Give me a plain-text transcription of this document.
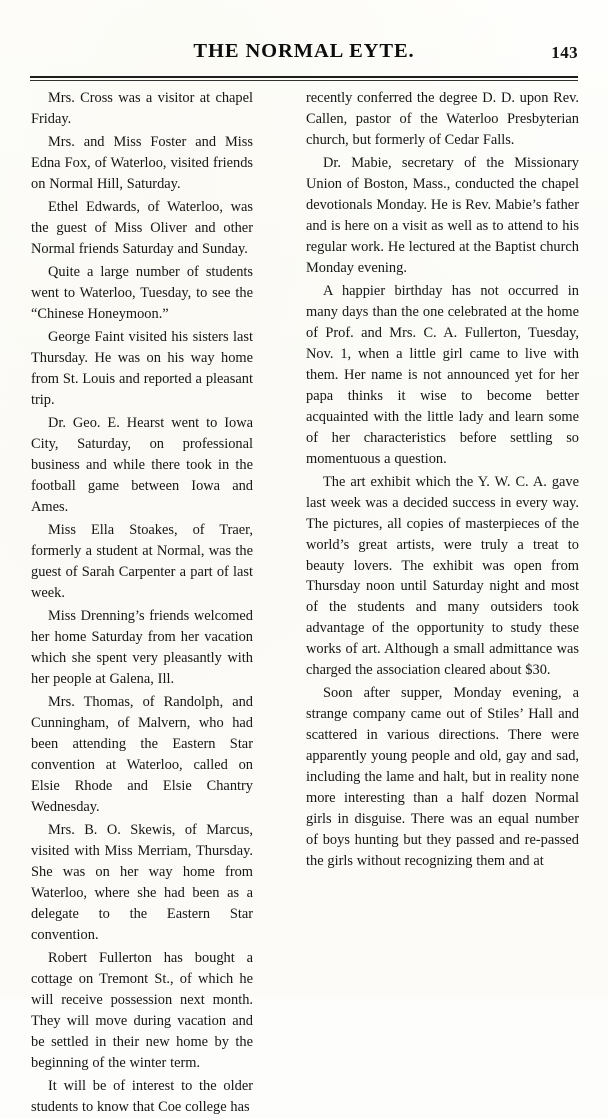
THE NORMAL EYTE.	143

Mrs. Cross was a visitor at chapel Friday.

Mrs. and Miss Foster and Miss Edna Fox, of Waterloo, visited friends on Normal Hill, Saturday.

Ethel Edwards, of Waterloo, was the guest of Miss Oliver and other Normal friends Saturday and Sunday.

Quite a large number of students went to Waterloo, Tuesday, to see the “Chinese Honeymoon.”

George Faint visited his sisters last Thursday. He was on his way home from St. Louis and reported a pleasant trip.

Dr. Geo. E. Hearst went to Iowa City, Saturday, on professional business and while there took in the football game between Iowa and Ames.

Miss Ella Stoakes, of Traer, formerly a student at Normal, was the guest of Sarah Carpenter a part of last week.

Miss Drenning’s friends welcomed her home Saturday from her vacation which she spent very pleasantly with her people at Galena, Ill.

Mrs. Thomas, of Randolph, and Cunningham, of Malvern, who had been attending the Eastern Star convention at Waterloo, called on Elsie Rhode and Elsie Chantry Wednesday.

Mrs. B. O. Skewis, of Marcus, visited with Miss Merriam, Thursday. She was on her way home from Waterloo, where she had been as a delegate to the Eastern Star convention.

Robert Fullerton has bought a cottage on Tremont St., of which he will receive possession next month. They will move during vacation and be settled in their new home by the beginning of the winter term.

It will be of interest to the older students to know that Coe college has

recently conferred the degree D. D. upon Rev. Callen, pastor of the Waterloo Presbyterian church, but formerly of Cedar Falls.

Dr. Mabie, secretary of the Missionary Union of Boston, Mass., conducted the chapel devotionals Monday. He is Rev. Mabie’s father and is here on a visit as well as to attend to his regular work. He lectured at the Baptist church Monday evening.

A happier birthday has not occurred in many days than the one celebrated at the home of Prof. and Mrs. C. A. Fullerton, Tuesday, Nov. 1, when a little girl came to live with them. Her name is not announced yet for her papa thinks it wise to become better acquainted with the little lady and learn some of her characteristics before settling so momentuous a question.

The art exhibit which the Y. W. C. A. gave last week was a decided success in every way. The pictures, all copies of masterpieces of the world’s great artists, were truly a treat to beauty lovers. The exhibit was open from Thursday noon until Saturday night and most of the students and many outsiders took advantage of the opportunity to study these works of art. Although a small admittance was charged the association cleared about $30.

Soon after supper, Monday evening, a strange company came out of Stiles’ Hall and scattered in various directions. There were apparently young people and old, gay and sad, including the lame and halt, but in reality none more interesting than a half dozen Normal girls in disguise. There was an equal number of boys hunting but they passed and re-passed the girls without recognizing them and at
